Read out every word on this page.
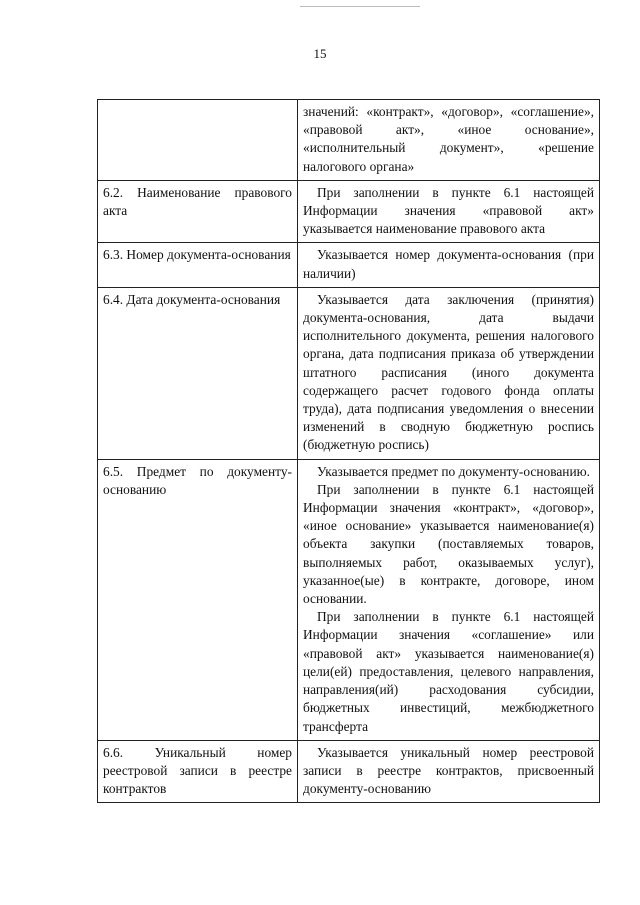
15

	значений: «контракт», «договор», «соглашение», «правовой акт», «иное основание», «исполнительный документ», «решение налогового органа»

6.2. Наименование правового акта	При заполнении в пункте 6.1 настоящей Информации значения «правовой акт» указывается наименование правового акта

6.3. Номер документа-основания	Указывается номер документа-основания (при наличии)

6.4. Дата документа-основания	Указывается дата заключения (принятия) документа-основания, дата выдачи исполнительного документа, решения налогового органа, дата подписания приказа об утверждении штатного расписания (иного документа содержащего расчет годового фонда оплаты труда), дата подписания уведомления о внесении изменений в сводную бюджетную роспись (бюджетную роспись)

6.5. Предмет по документу-основанию	Указывается предмет по документу-основанию.

При заполнении в пункте 6.1 настоящей Информации значения «контракт», «договор», «иное основание» указывается наименование(я) объекта закупки (поставляемых товаров, выполняемых работ, оказываемых услуг), указанное(ые) в контракте, договоре, ином основании.

При заполнении в пункте 6.1 настоящей Информации значения «соглашение» или «правовой акт» указывается наименование(я) цели(ей) предоставления, целевого направления, направления(ий) расходования субсидии, бюджетных инвестиций, межбюджетного трансферта

6.6. Уникальный номер реестровой записи в реестре контрактов	Указывается уникальный номер реестровой записи в реестре контрактов, присвоенный документу-основанию
